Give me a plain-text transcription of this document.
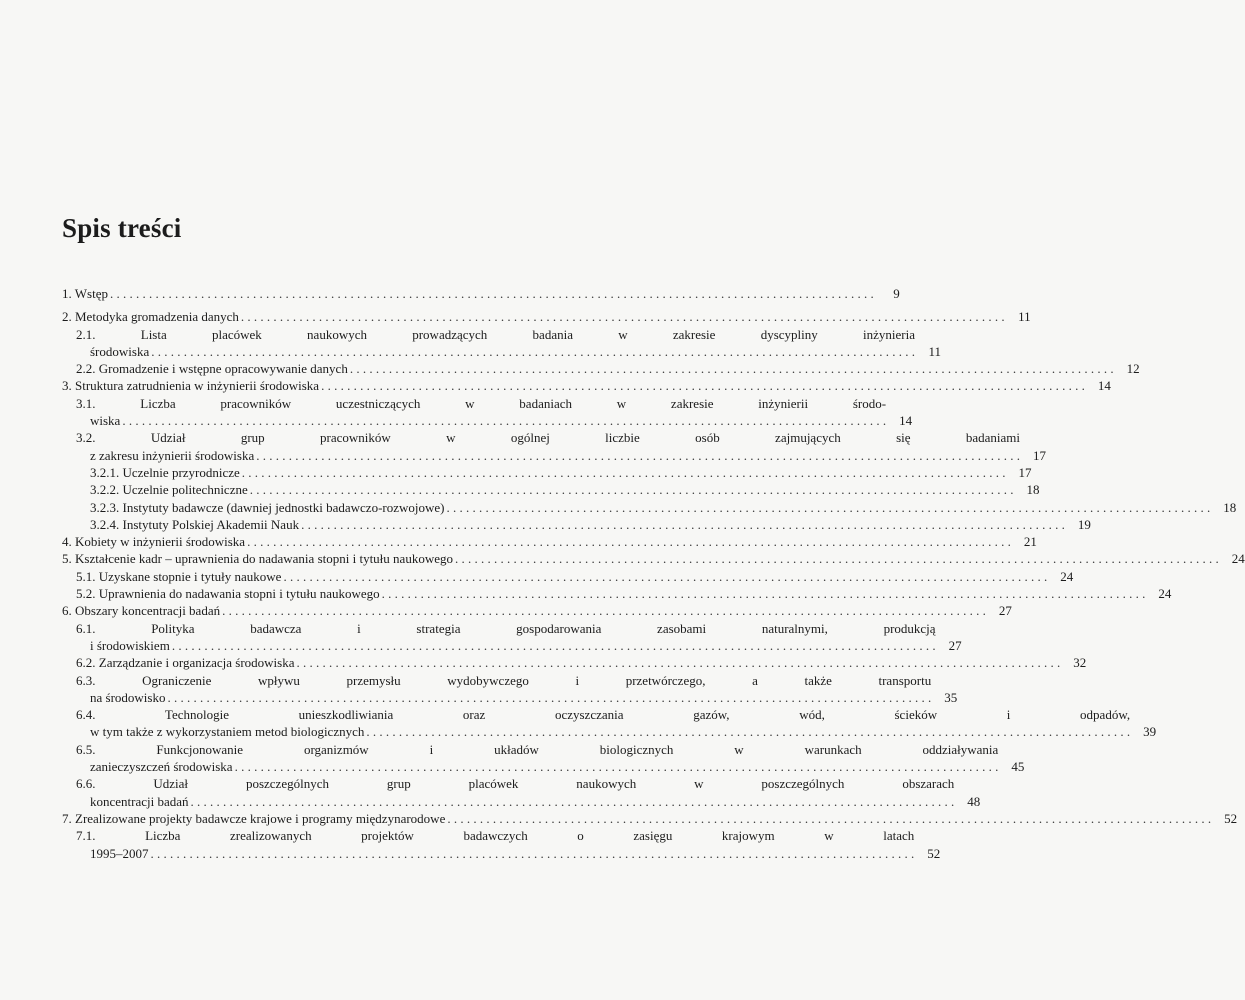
Spis treści
1. Wstęp . . .	9
2. Metodyka gromadzenia danych . . .	11
2.1. Lista placówek naukowych prowadzących badania w zakresie dyscypliny inżynieria
środowiska . . .	11
2.2. Gromadzenie i wstępne opracowywanie danych . . .	12
3. Struktura zatrudnienia w inżynierii środowiska . . .	14
3.1. Liczba pracowników uczestniczących w badaniach w zakresie inżynierii środo-
wiska . . .	14
3.2. Udział grup pracowników w ogólnej liczbie osób zajmujących się badaniami
z zakresu inżynierii środowiska . . .	17
3.2.1. Uczelnie przyrodnicze . . .	17
3.2.2. Uczelnie politechniczne . . .	18
3.2.3. Instytuty badawcze (dawniej jednostki badawczo-rozwojowe) . . .	18
3.2.4. Instytuty Polskiej Akademii Nauk . . .	19
4. Kobiety w inżynierii środowiska . . .	21
5. Kształcenie kadr – uprawnienia do nadawania stopni i tytułu naukowego . . .	24
5.1. Uzyskane stopnie i tytuły naukowe . . .	24
5.2. Uprawnienia do nadawania stopni i tytułu naukowego . . .	24
6. Obszary koncentracji badań . . .	27
6.1. Polityka badawcza i strategia gospodarowania zasobami naturalnymi, produkcją
i środowiskiem . . .	27
6.2. Zarządzanie i organizacja środowiska . . .	32
6.3. Ograniczenie wpływu przemysłu wydobywczego i przetwórczego, a także transportu
na środowisko . . .	35
6.4. Technologie unieszkodliwiania oraz oczyszczania gazów, wód, ścieków i odpadów,
w tym także z wykorzystaniem metod biologicznych . . .	39
6.5. Funkcjonowanie organizmów i układów biologicznych w warunkach oddziaływania
zanieczyszczeń środowiska . . .	45
6.6. Udział poszczególnych grup placówek naukowych w poszczególnych obszarach
koncentracji badań . . .	48
7. Zrealizowane projekty badawcze krajowe i programy międzynarodowe . . .	52
7.1. Liczba zrealizowanych projektów badawczych o zasięgu krajowym w latach
1995–2007 . . .	52
